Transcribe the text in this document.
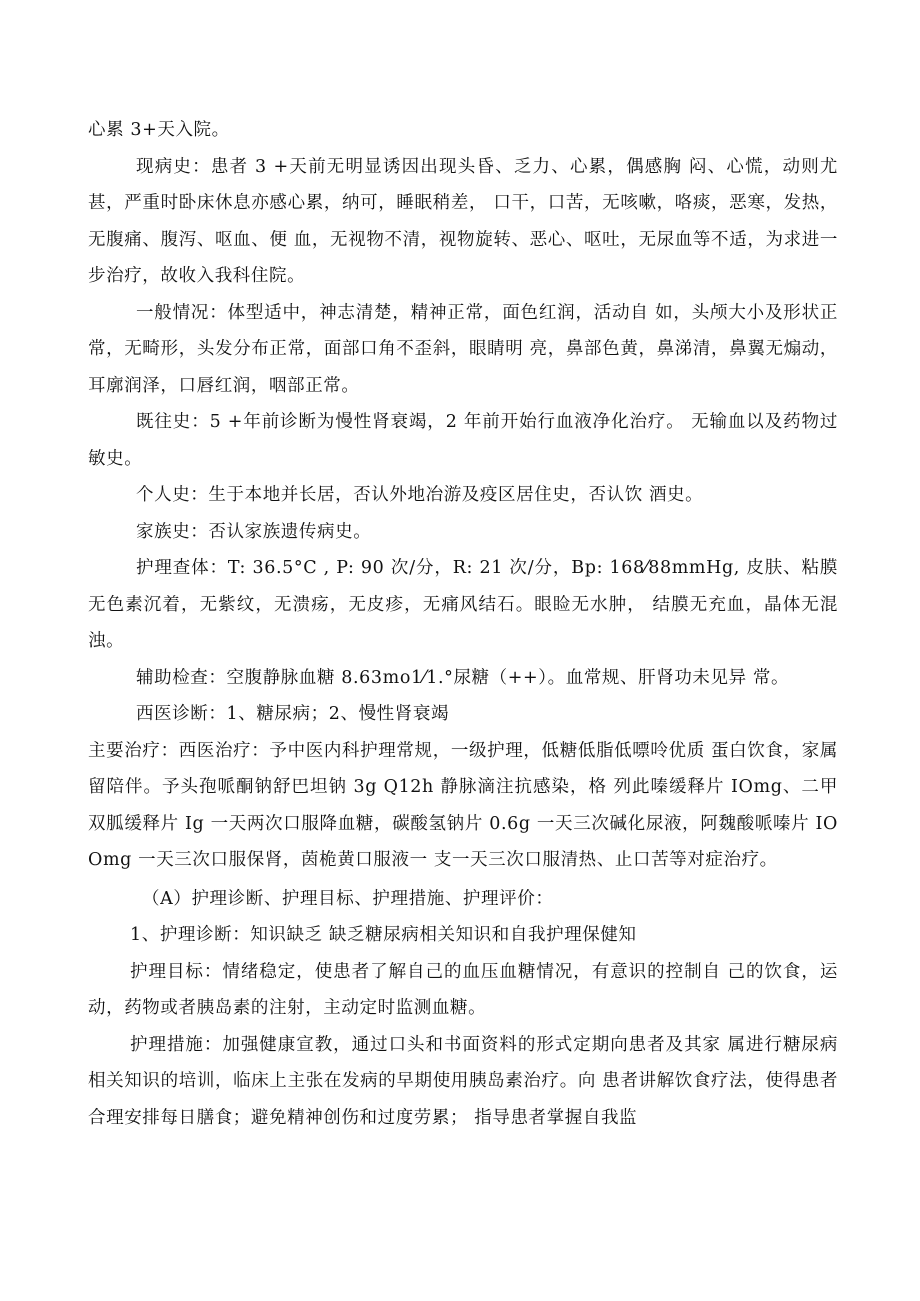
心累 3+天入院。

现病史：患者 3 +天前无明显诱因出现头昏、乏力、心累，偶感胸 闷、心慌，动则尤甚，严重时卧床休息亦感心累，纳可，睡眠稍差， 口干，口苦，无咳嗽，咯痰，恶寒，发热，无腹痛、腹泻、呕血、便 血，无视物不清，视物旋转、恶心、呕吐，无尿血等不适，为求进一 步治疗，故收入我科住院。

一般情况：体型适中，神志清楚，精神正常，面色红润，活动自 如，头颅大小及形状正常，无畸形，头发分布正常，面部口角不歪斜，眼睛明 亮，鼻部色黄，鼻涕清，鼻翼无煽动，耳廓润泽，口唇红润，咽部正常。

既往史：5 +年前诊断为慢性肾衰竭，2 年前开始行血液净化治疗。 无输血以及药物过敏史。

个人史：生于本地并长居，否认外地冶游及疫区居住史，否认饮 酒史。

家族史：否认家族遗传病史。

护理查体：T: 36.5°C , P: 90 次/分，R: 21 次/分，Bp: 168⁄88mmHg, 皮肤、粘膜无色素沉着，无紫纹，无溃疡，无皮疹，无痛风结石。眼睑无水肿， 结膜无充血，晶体无混浊。

辅助检查：空腹静脉血糖 8.63mo1⁄1.°尿糖（++）。血常规、肝肾功未见异 常。

西医诊断：1、糖尿病；2、慢性肾衰竭

主要治疗：西医治疗：予中医内科护理常规，一级护理，低糖低脂低嘌呤优质 蛋白饮食，家属留陪伴。予头孢哌酮钠舒巴坦钠 3g Q12h 静脉滴注抗感染，格 列此嗪缓释片 IOmg、二甲双胍缓释片 Ig 一天两次口服降血糖，碳酸氢钠片 0.6g 一天三次碱化尿液，阿魏酸哌嗪片 IOOmg 一天三次口服保肾，茵桅黄口服液一 支一天三次口服清热、止口苦等对症治疗。

（A）护理诊断、护理目标、护理措施、护理评价：

1、护理诊断：知识缺乏 缺乏糖尿病相关知识和自我护理保健知

护理目标：情绪稳定，使患者了解自己的血压血糖情况，有意识的控制自 己的饮食，运动，药物或者胰岛素的注射，主动定时监测血糖。

护理措施：加强健康宣教，通过口头和书面资料的形式定期向患者及其家 属进行糖尿病相关知识的培训，临床上主张在发病的早期使用胰岛素治疗。向 患者讲解饮食疗法，使得患者合理安排每日膳食；避免精神创伤和过度劳累； 指导患者掌握自我监
